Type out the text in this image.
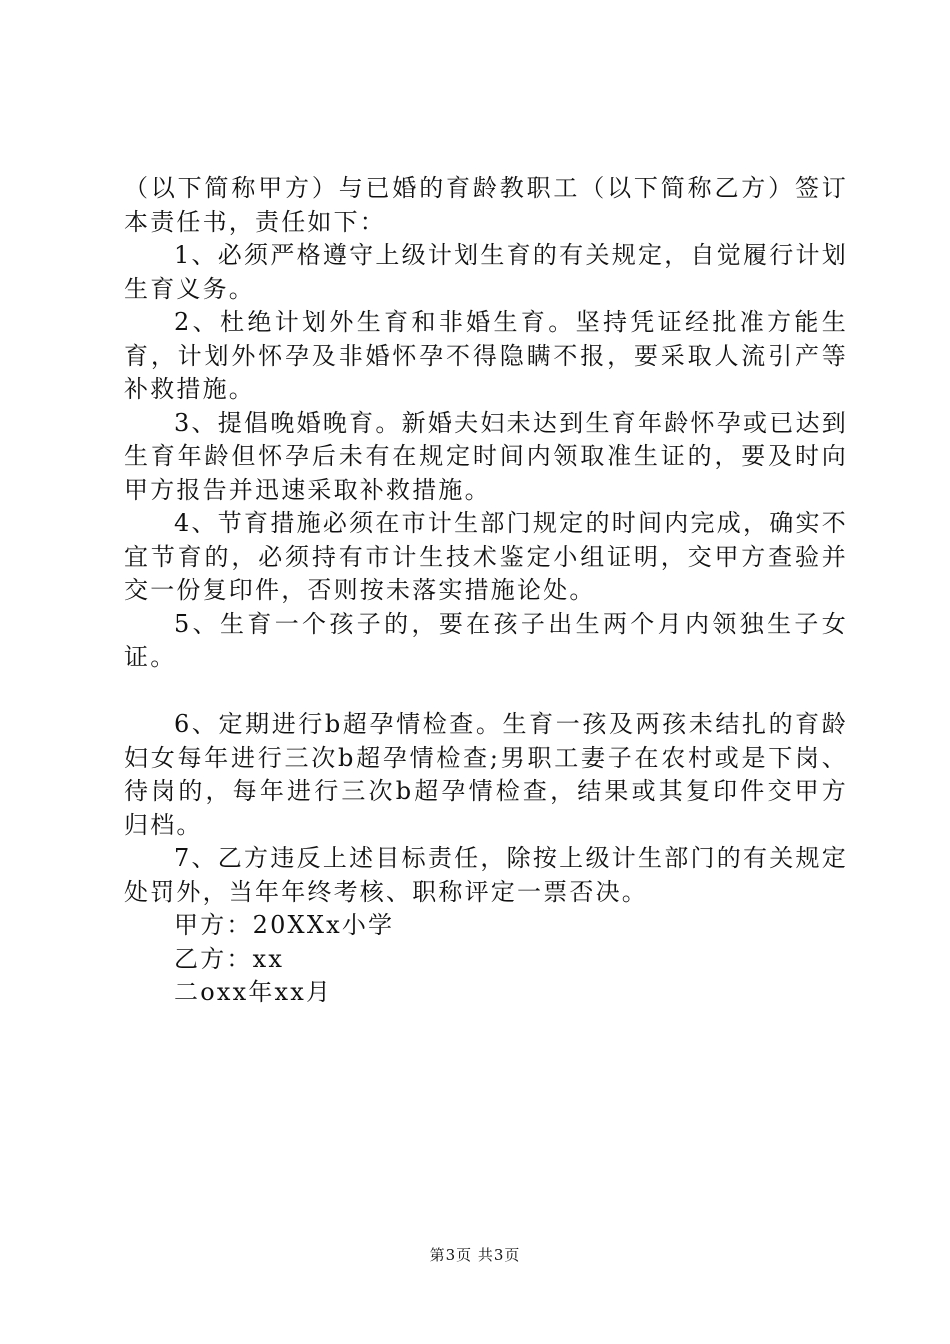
（以下简称甲方）与已婚的育龄教职工（以下简称乙方）签订本责任书，责任如下：

1、必须严格遵守上级计划生育的有关规定，自觉履行计划生育义务。

2、杜绝计划外生育和非婚生育。坚持凭证经批准方能生育，计划外怀孕及非婚怀孕不得隐瞒不报，要采取人流引产等补救措施。

3、提倡晚婚晚育。新婚夫妇未达到生育年龄怀孕或已达到生育年龄但怀孕后未有在规定时间内领取准生证的，要及时向甲方报告并迅速采取补救措施。

4、节育措施必须在市计生部门规定的时间内完成，确实不宜节育的，必须持有市计生技术鉴定小组证明，交甲方查验并交一份复印件，否则按未落实措施论处。

5、生育一个孩子的，要在孩子出生两个月内领独生子女证。

6、定期进行b超孕情检查。生育一孩及两孩未结扎的育龄妇女每年进行三次b超孕情检查;男职工妻子在农村或是下岗、待岗的，每年进行三次b超孕情检查，结果或其复印件交甲方归档。

7、乙方违反上述目标责任，除按上级计生部门的有关规定处罚外，当年年终考核、职称评定一票否决。

甲方：20XXx小学

乙方：xx

二oxx年xx月

第3页 共3页
